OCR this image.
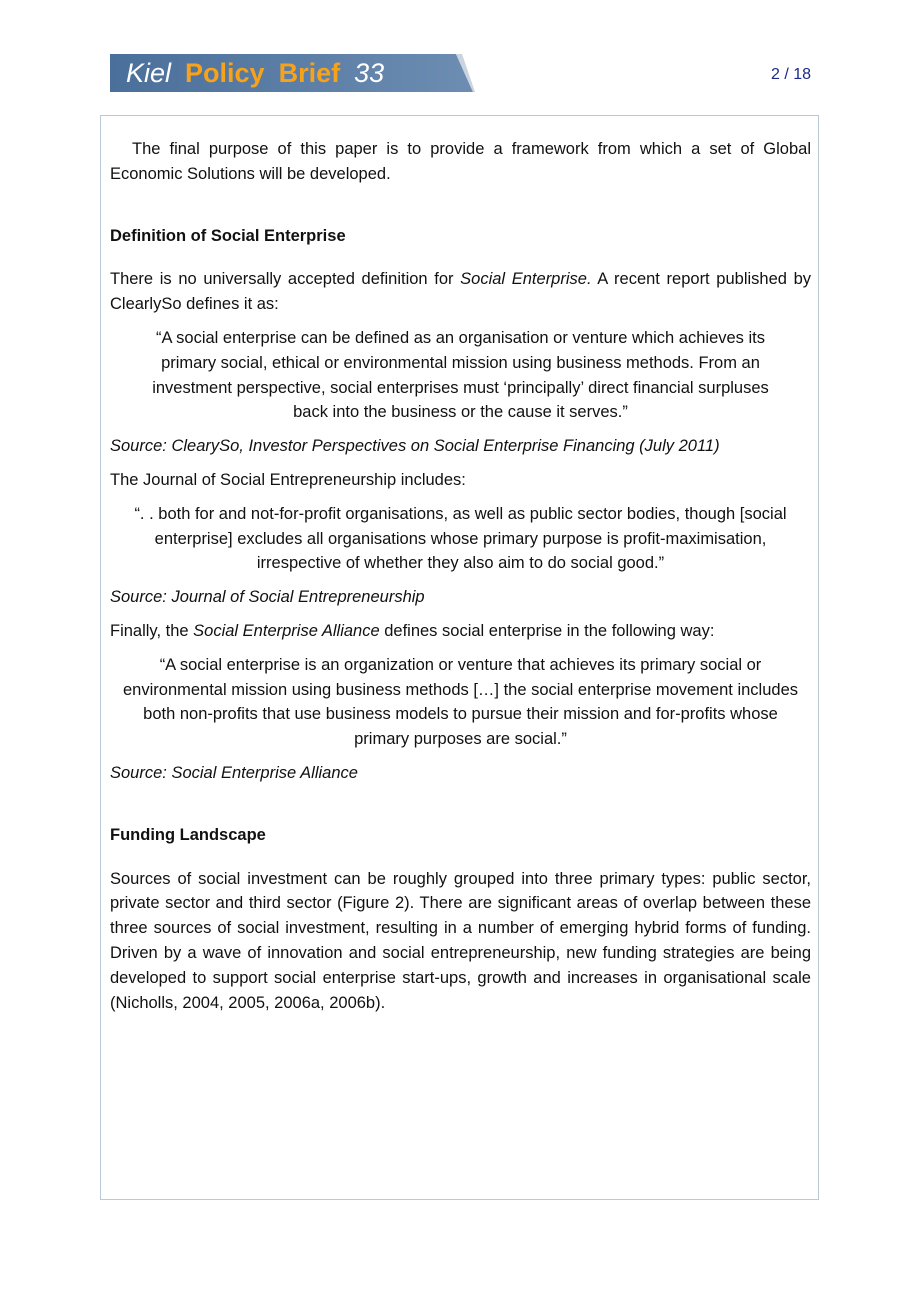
Kiel Policy Brief 33	2 / 18

The final purpose of this paper is to provide a framework from which a set of Global Economic Solutions will be developed.

Definition of Social Enterprise

There is no universally accepted definition for Social Enterprise. A recent report published by ClearlySo defines it as:

“A social enterprise can be defined as an organisation or venture which achieves its primary social, ethical or environmental mission using business methods. From an investment perspective, social enterprises must ‘principally’ direct financial surpluses back into the business or the cause it serves.”

Source: ClearySo, Investor Perspectives on Social Enterprise Financing (July 2011)

The Journal of Social Entrepreneurship includes:

“. . both for and not-for-profit organisations, as well as public sector bodies, though [social enterprise] excludes all organisations whose primary purpose is profit-maximisation, irrespective of whether they also aim to do social good.”

Source: Journal of Social Entrepreneurship

Finally, the Social Enterprise Alliance defines social enterprise in the following way:

“A social enterprise is an organization or venture that achieves its primary social or environmental mission using business methods […] the social enterprise movement includes both non-profits that use business models to pursue their mission and for-profits whose primary purposes are social.”

Source: Social Enterprise Alliance

Funding Landscape

Sources of social investment can be roughly grouped into three primary types: public sector, private sector and third sector (Figure 2). There are significant areas of overlap between these three sources of social investment, resulting in a number of emerging hybrid forms of funding. Driven by a wave of innovation and social entrepreneurship, new funding strategies are being developed to support social enterprise start-ups, growth and increases in organisational scale (Nicholls, 2004, 2005, 2006a, 2006b).
